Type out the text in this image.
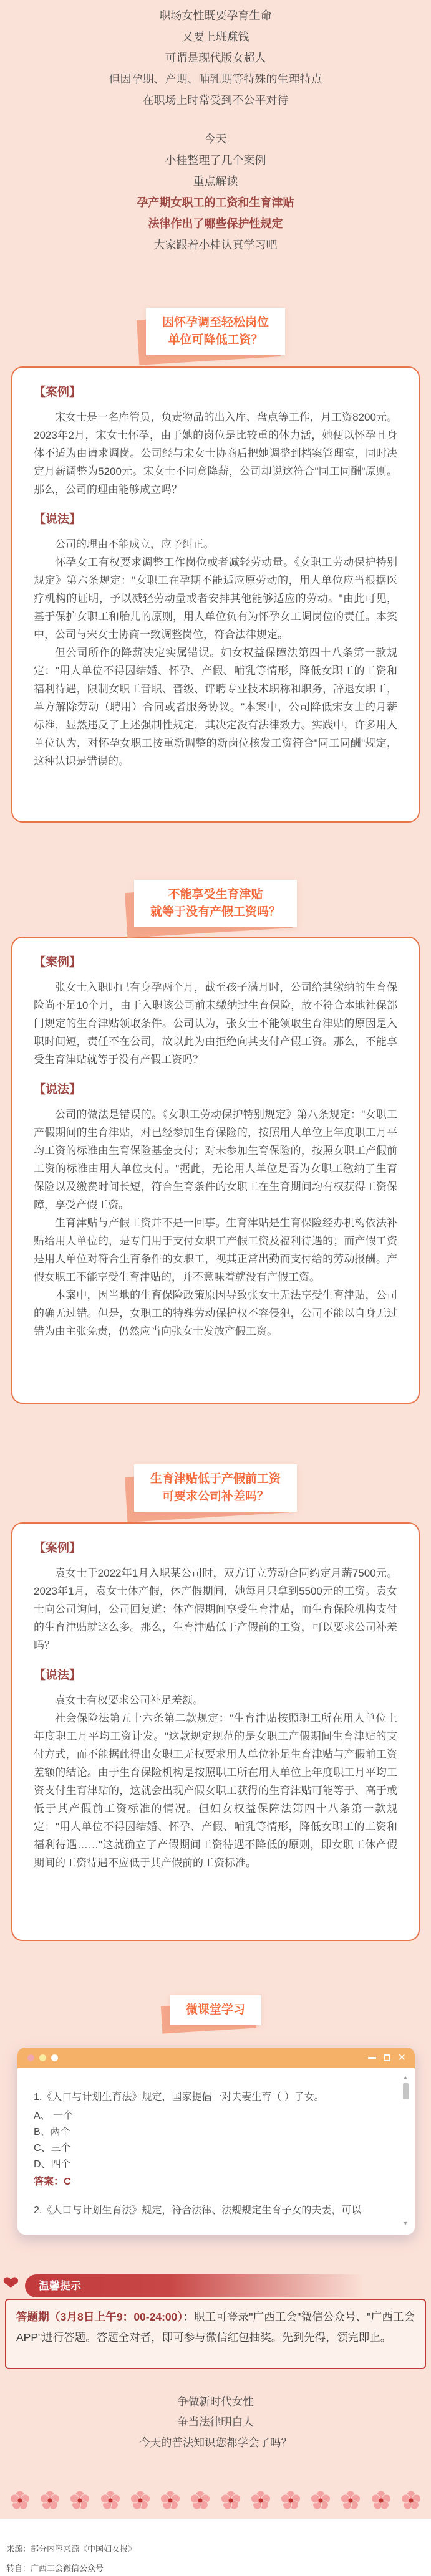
职场女性既要孕育生命
又要上班赚钱
可谓是现代版女超人
但因孕期、产期、哺乳期等特殊的生理特点
在职场上时常受到不公平对待
今天
小桂整理了几个案例
重点解读
孕产期女职工的工资和生育津贴
法律作出了哪些保护性规定
大家跟着小桂认真学习吧
因怀孕调至轻松岗位
单位可降低工资？
【案例】

宋女士是一名库管员，负责物品的出入库、盘点等工作，月工资8200元。2023年2月，宋女士怀孕，由于她的岗位是比较重的体力活，她便以怀孕且身体不适为由请求调岗。公司经与宋女士协商后把她调整到档案管理室，同时决定月薪调整为5200元。宋女士不同意降薪，公司却说这符合"同工同酬"原则。那么，公司的理由能够成立吗？

【说法】

公司的理由不能成立，应予纠正。

怀孕女工有权要求调整工作岗位或者减轻劳动量。《女职工劳动保护特别规定》第六条规定："女职工在孕期不能适应原劳动的，用人单位应当根据医疗机构的证明，予以减轻劳动量或者安排其他能够适应的劳动。"由此可见，基于保护女职工和胎儿的原则，用人单位负有为怀孕女工调岗位的责任。本案中，公司与宋女士协商一致调整岗位，符合法律规定。

但公司所作的降薪决定实属错误。妇女权益保障法第四十八条第一款规定："用人单位不得因结婚、怀孕、产假、哺乳等情形，降低女职工的工资和福利待遇，限制女职工晋职、晋级、评聘专业技术职称和职务，辞退女职工，单方解除劳动（聘用）合同或者服务协议。"本案中，公司降低宋女士的月薪标准，显然违反了上述强制性规定，其决定没有法律效力。实践中，许多用人单位认为，对怀孕女职工按重新调整的新岗位核发工资符合"同工同酬"规定，这种认识是错误的。

不能享受生育津贴
就等于没有产假工资吗？
【案例】

张女士入职时已有身孕两个月，截至孩子满月时，公司给其缴纳的生育保险尚不足10个月，由于入职该公司前未缴纳过生育保险，故不符合本地社保部门规定的生育津贴领取条件。公司认为，张女士不能领取生育津贴的原因是入职时间短，责任不在公司，故以此为由拒绝向其支付产假工资。那么，不能享受生育津贴就等于没有产假工资吗？

【说法】

公司的做法是错误的。《女职工劳动保护特别规定》第八条规定："女职工产假期间的生育津贴，对已经参加生育保险的，按照用人单位上年度职工月平均工资的标准由生育保险基金支付；对未参加生育保险的，按照女职工产假前工资的标准由用人单位支付。"据此，无论用人单位是否为女职工缴纳了生育保险以及缴费时间长短，符合生育条件的女职工在生育期间均有权获得工资保障，享受产假工资。

生育津贴与产假工资并不是一回事。生育津贴是生育保险经办机构依法补贴给用人单位的，是专门用于支付女职工产假工资及福利待遇的；而产假工资是用人单位对符合生育条件的女职工，视其正常出勤而支付给的劳动报酬。产假女职工不能享受生育津贴的，并不意味着就没有产假工资。

本案中，因当地的生育保险政策原因导致张女士无法享受生育津贴，公司的确无过错。但是，女职工的特殊劳动保护权不容侵犯，公司不能以自身无过错为由主张免责，仍然应当向张女士发放产假工资。

生育津贴低于产假前工资
可要求公司补差吗？
【案例】

袁女士于2022年1月入职某公司时，双方订立劳动合同约定月薪7500元。2023年1月，袁女士休产假，休产假期间，她每月只拿到5500元的工资。袁女士向公司询问，公司回复道：休产假期间享受生育津贴，而生育保险机构支付的生育津贴就这么多。那么，生育津贴低于产假前的工资，可以要求公司补差吗？

【说法】

袁女士有权要求公司补足差额。

社会保险法第五十六条第二款规定："生育津贴按照职工所在用人单位上年度职工月平均工资计发。"这款规定规范的是女职工产假期间生育津贴的支付方式，而不能据此得出女职工无权要求用人单位补足生育津贴与产假前工资差额的结论。由于生育保险机构是按照职工所在用人单位上年度职工月平均工资支付生育津贴的，这就会出现产假女职工获得的生育津贴可能等于、高于或低于其产假前工资标准的情况。但妇女权益保障法第四十八条第一款规定："用人单位不得因结婚、怀孕、产假、哺乳等情形，降低女职工的工资和福利待遇……"这就确立了产假期间工资待遇不降低的原则，即女职工休产假期间的工资待遇不应低于其产假前的工资标准。

微课堂学习
✕

1.《人口与计划生育法》规定，国家提倡一对夫妻生育（ ）子女。

A、 一个

B、两个

C、三个

D、四个

答案：C

2.《人口与计划生育法》规定，符合法律、法规规定生育子女的夫妻，可以

▲
▼
❤	温馨提示
答题期（3月8日上午9：00-24:00）：职工可登录"广西工会"微信公众号、"广西工会APP"进行答题。答题全对者，即可参与微信红包抽奖。先到先得，领完即止。
争做新时代女性
争当法律明白人
今天的普法知识您都学会了吗？

来源：部分内容来源《中国妇女报》

转自：广西工会微信公众号
